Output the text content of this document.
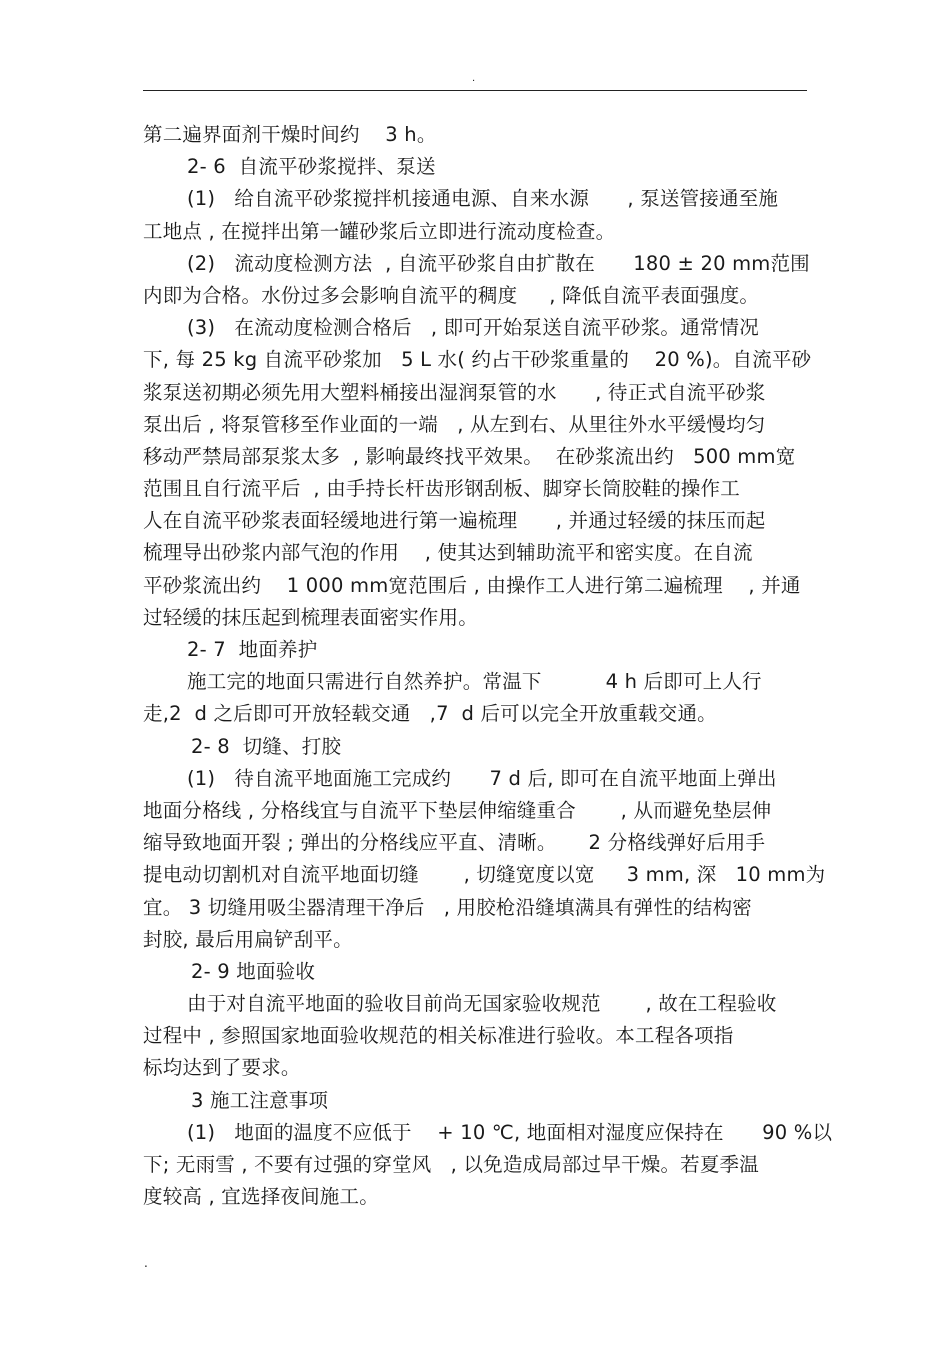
.
第二遍界面剂干燥时间约    3 h。
2- 6  自流平砂浆搅拌、泵送
(1)   给自流平砂浆搅拌机接通电源、自来水源      , 泵送管接通至施
工地点 , 在搅拌出第一罐砂浆后立即进行流动度检查。
(2)   流动度检测方法  , 自流平砂浆自由扩散在      180 ± 20 mm范围
内即为合格。水份过多会影响自流平的稠度     , 降低自流平表面强度。
(3)   在流动度检测合格后   , 即可开始泵送自流平砂浆。通常情况
下, 每 25 kg 自流平砂浆加   5 L 水( 约占干砂浆重量的    20 %)。自流平砂
浆泵送初期必须先用大塑料桶接出湿润泵管的水      , 待正式自流平砂浆
泵出后 , 将泵管移至作业面的一端   , 从左到右、从里往外水平缓慢均匀
移动严禁局部泵浆太多  , 影响最终找平效果。  在砂浆流出约   500 mm宽
范围且自行流平后  , 由手持长杆齿形钢刮板、脚穿长筒胶鞋的操作工
人在自流平砂浆表面轻缓地进行第一遍梳理      , 并通过轻缓的抹压而起
梳理导出砂浆内部气泡的作用    , 使其达到辅助流平和密实度。在自流
平砂浆流出约    1 000 mm宽范围后 , 由操作工人进行第二遍梳理    , 并通
过轻缓的抹压起到梳理表面密实作用。
2- 7  地面养护
施工完的地面只需进行自然养护。常温下          4 h 后即可上人行
走,2  d 之后即可开放轻载交通   ,7  d 后可以完全开放重载交通。
2- 8  切缝、打胶
(1)   待自流平地面施工完成约      7 d 后, 即可在自流平地面上弹出
地面分格线 , 分格线宜与自流平下垫层伸缩缝重合       , 从而避免垫层伸
缩导致地面开裂 ; 弹出的分格线应平直、清晰。     2 分格线弹好后用手
提电动切割机对自流平地面切缝       , 切缝宽度以宽     3 mm, 深   10 mm为
宜。 3 切缝用吸尘器清理干净后   , 用胶枪沿缝填满具有弹性的结构密
封胶, 最后用扁铲刮平。
2- 9 地面验收
由于对自流平地面的验收目前尚无国家验收规范       , 故在工程验收
过程中 , 参照国家地面验收规范的相关标准进行验收。本工程各项指
标均达到了要求。
3 施工注意事项
(1)   地面的温度不应低于    + 10 ℃, 地面相对湿度应保持在      90 %以
下; 无雨雪 , 不要有过强的穿堂风   , 以免造成局部过早干燥。若夏季温
度较高 , 宜选择夜间施工。
.
